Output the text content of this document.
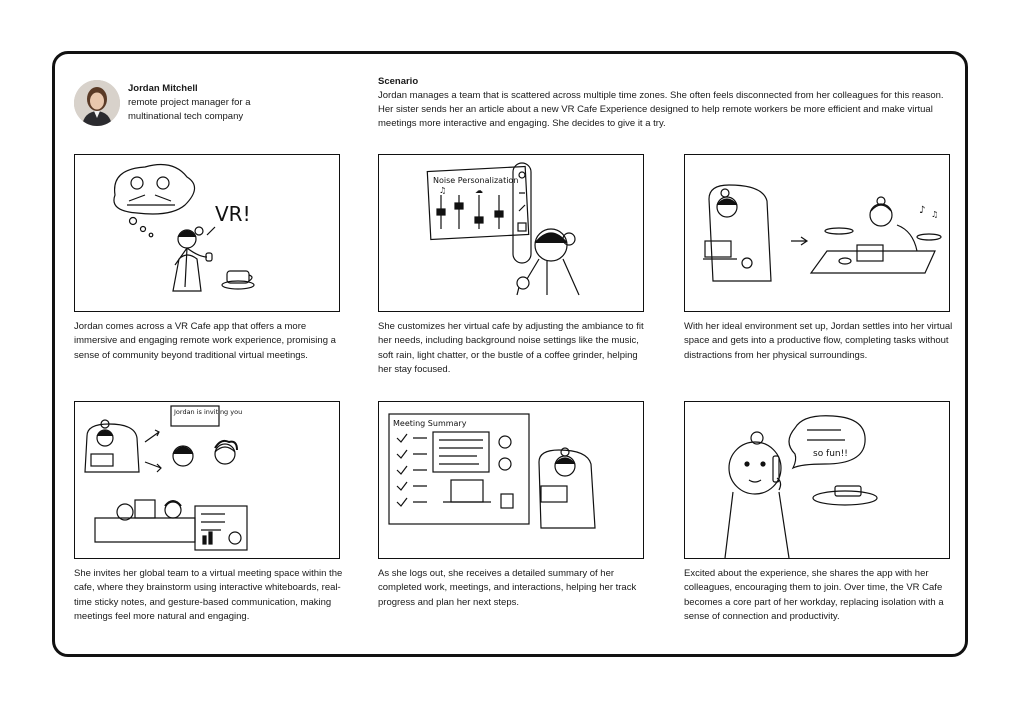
Jordan Mitchell
remote project manager for a multinational tech company
Scenario
Jordan manages a team that is scattered across multiple time zones. She often feels disconnected from her colleagues for this reason. Her sister sends her an article about a new VR Cafe Experience designed to help remote workers be more efficient and make virtual meetings more interactive and engaging. She decides to give it a try.
VR!
Noise Personalization
♫	☁
♪ ♫
Jordan is inviting you
Meeting Summary
so fun!!
Jordan comes across a VR Cafe app that offers a more immersive and engaging remote work experience, promising a sense of community beyond traditional virtual meetings.
She customizes her virtual cafe by adjusting the ambiance to fit her needs, including background noise settings like the music, soft rain, light chatter, or the bustle of a coffee grinder, helping her stay focused.
With her ideal environment set up, Jordan settles into her virtual space and gets into a productive flow, completing tasks without distractions from her physical surroundings.
She invites her global team to a virtual meeting space within the cafe, where they brainstorm using interactive whiteboards, real-time sticky notes, and gesture-based communication, making meetings feel more natural and engaging.
As she logs out, she receives a detailed summary of her completed work, meetings, and interactions, helping her track progress and plan her next steps.
Excited about the experience, she shares the app with her colleagues, encouraging them to join. Over time, the VR Cafe becomes a core part of her workday, replacing isolation with a sense of connection and productivity.
